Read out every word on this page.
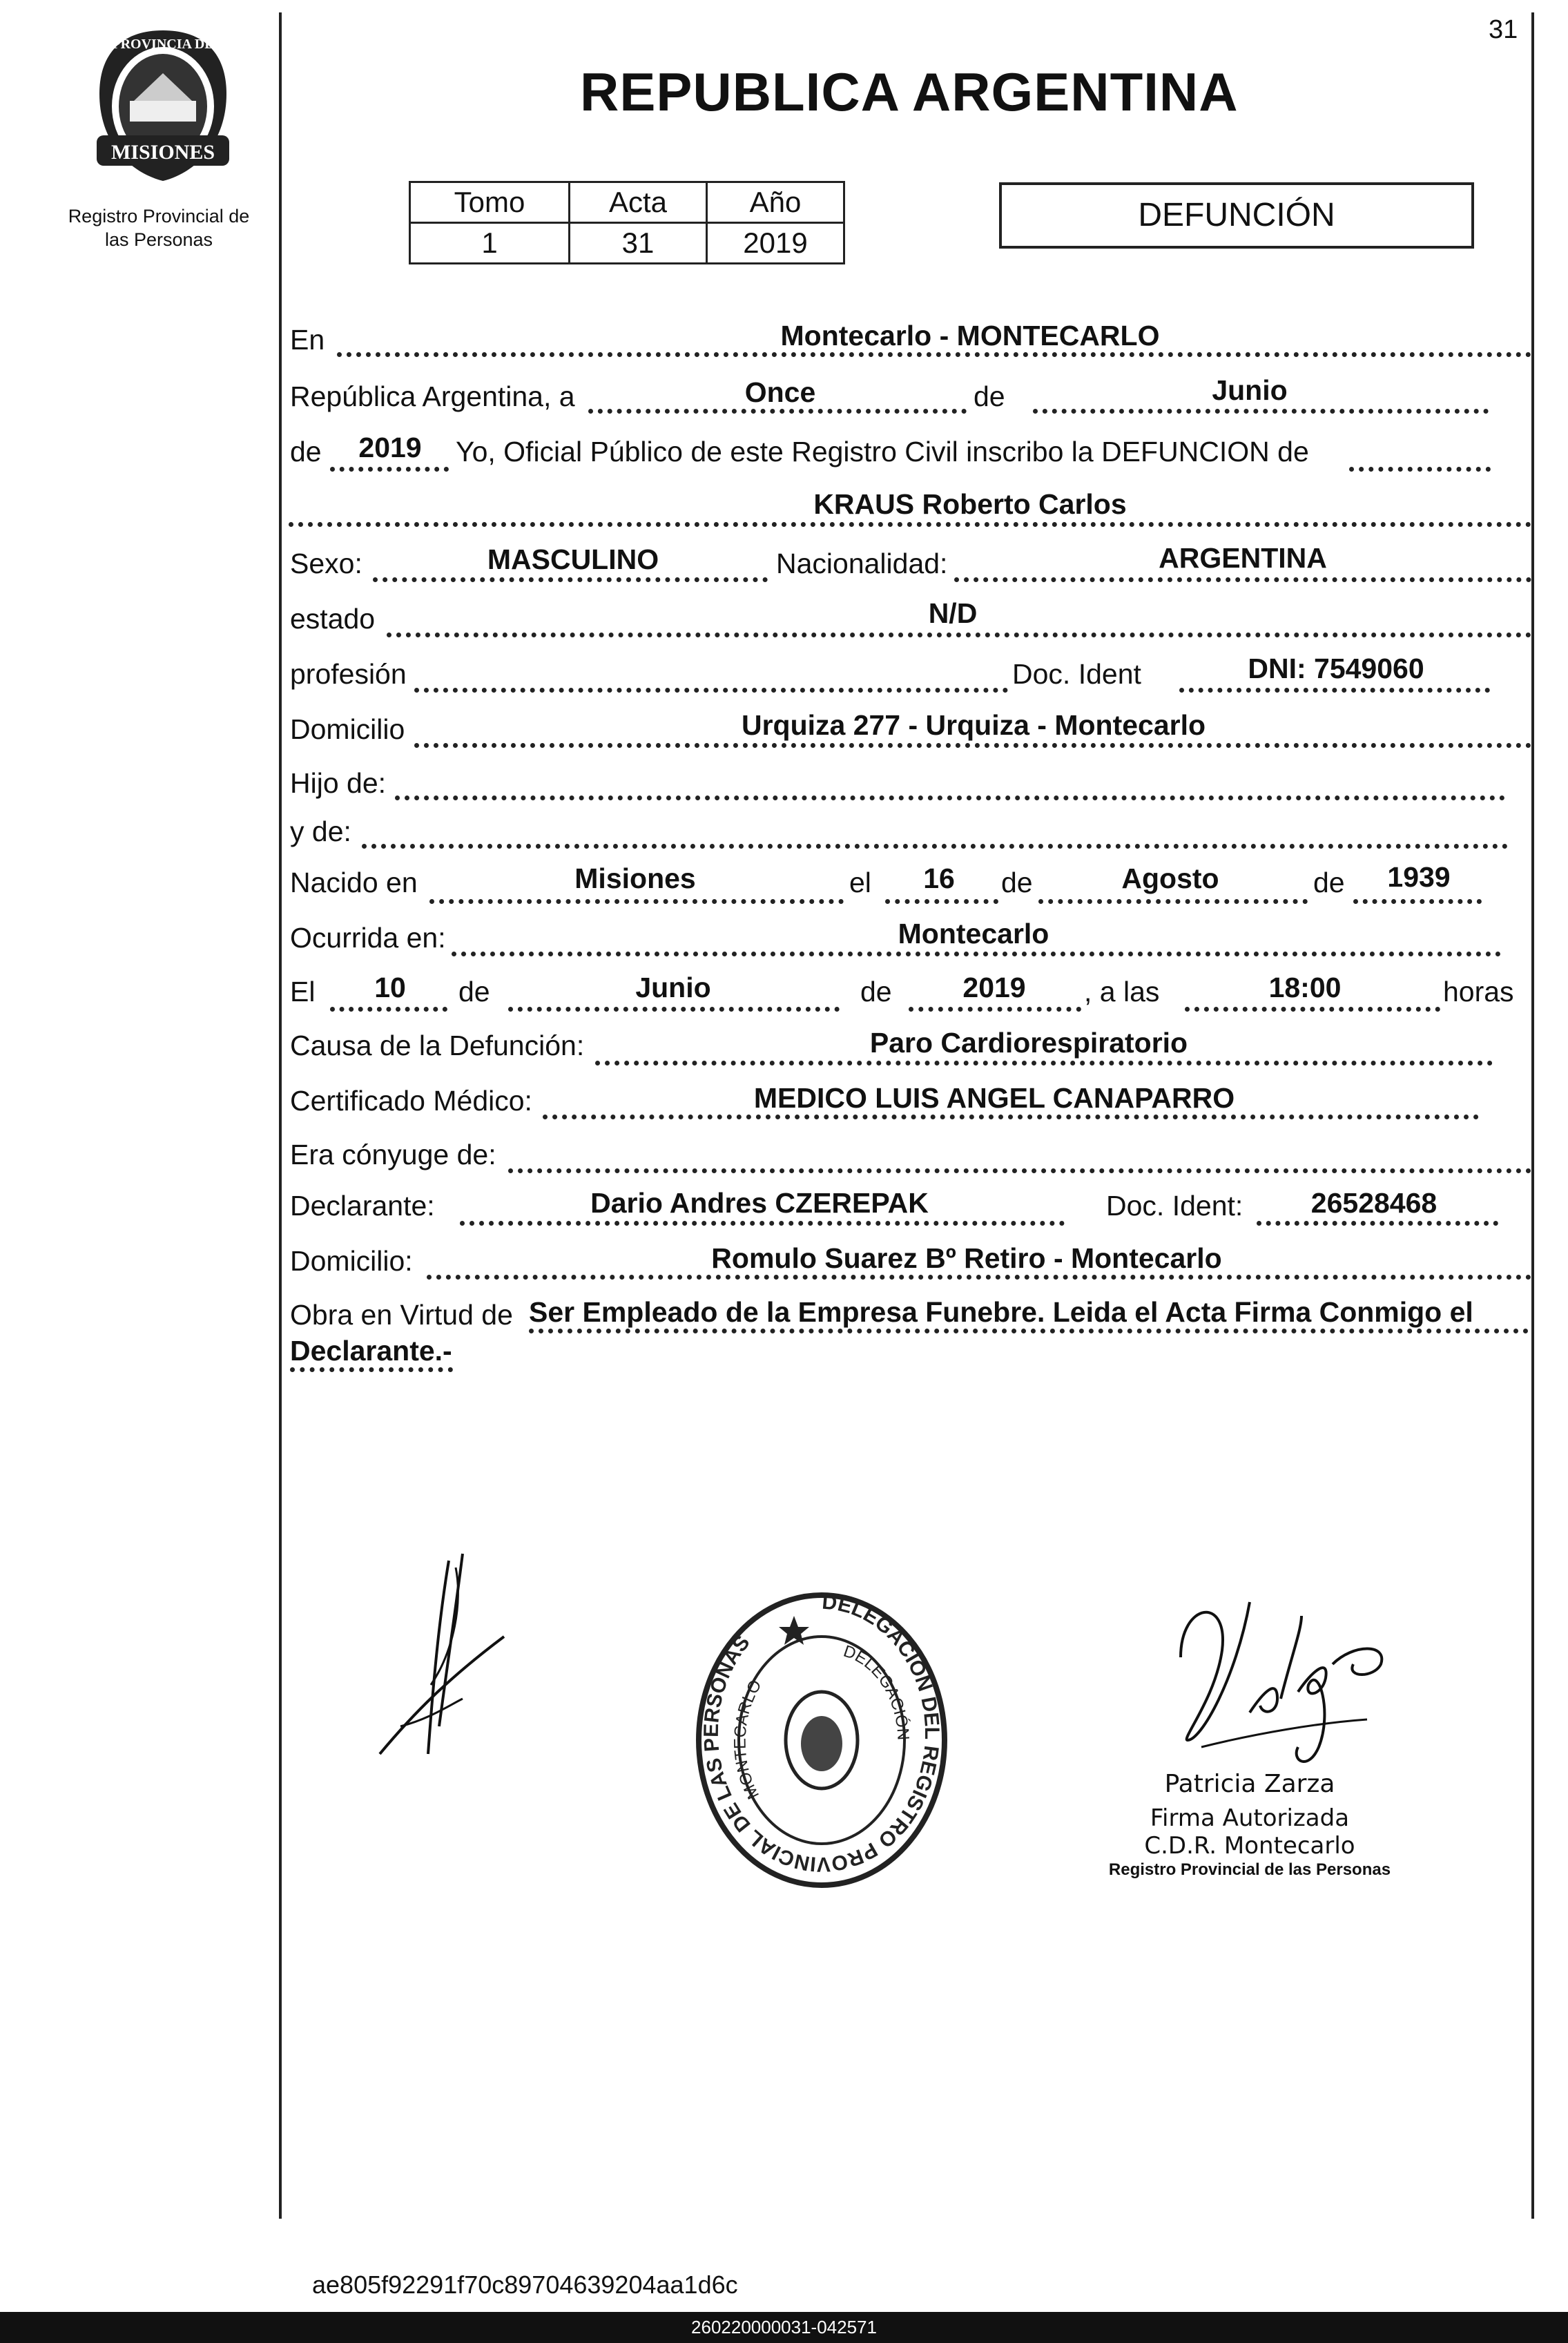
31
MISIONES
PROVINCIA DE
Registro Provincial de
las Personas
REPUBLICA ARGENTINA
Tomo	Acta	Año
1	31	2019
DEFUNCIÓN
En	Montecarlo - MONTECARLO
República Argentina, a	Once	de	Junio
de	2019	Yo, Oficial Público de este Registro Civil inscribo la DEFUNCION de
KRAUS Roberto Carlos
Sexo:	MASCULINO	Nacionalidad:	ARGENTINA
estado	N/D
profesión	Doc. Ident	DNI: 7549060
Domicilio	Urquiza 277 - Urquiza - Montecarlo
Hijo de:
y de:
Nacido en	Misiones	el	16	de	Agosto	de	1939
Ocurrida en:	Montecarlo
El	10	de	Junio	de	2019	, a las	18:00	horas
Causa de la Defunción:	Paro Cardiorespiratorio
Certificado Médico:	MEDICO LUIS ANGEL CANAPARRO
Era cónyuge de:
Declarante:	Dario Andres CZEREPAK	Doc. Ident:	26528468
Domicilio:	Romulo Suarez Bº Retiro - Montecarlo
Obra en Virtud de Ser Empleado de la Empresa Funebre. Leida el Acta Firma Conmigo el
Declarante.-
DELEGACIÓN DEL REGISTRO PROVINCIAL DE LAS PERSONAS
MONTECARLO
DELEGACIÓN
Patricia Zarza
Firma Autorizada
C.D.R. Montecarlo
Registro Provincial de las Personas
ae805f92291f70c89704639204aa1d6c
260220000031-042571
